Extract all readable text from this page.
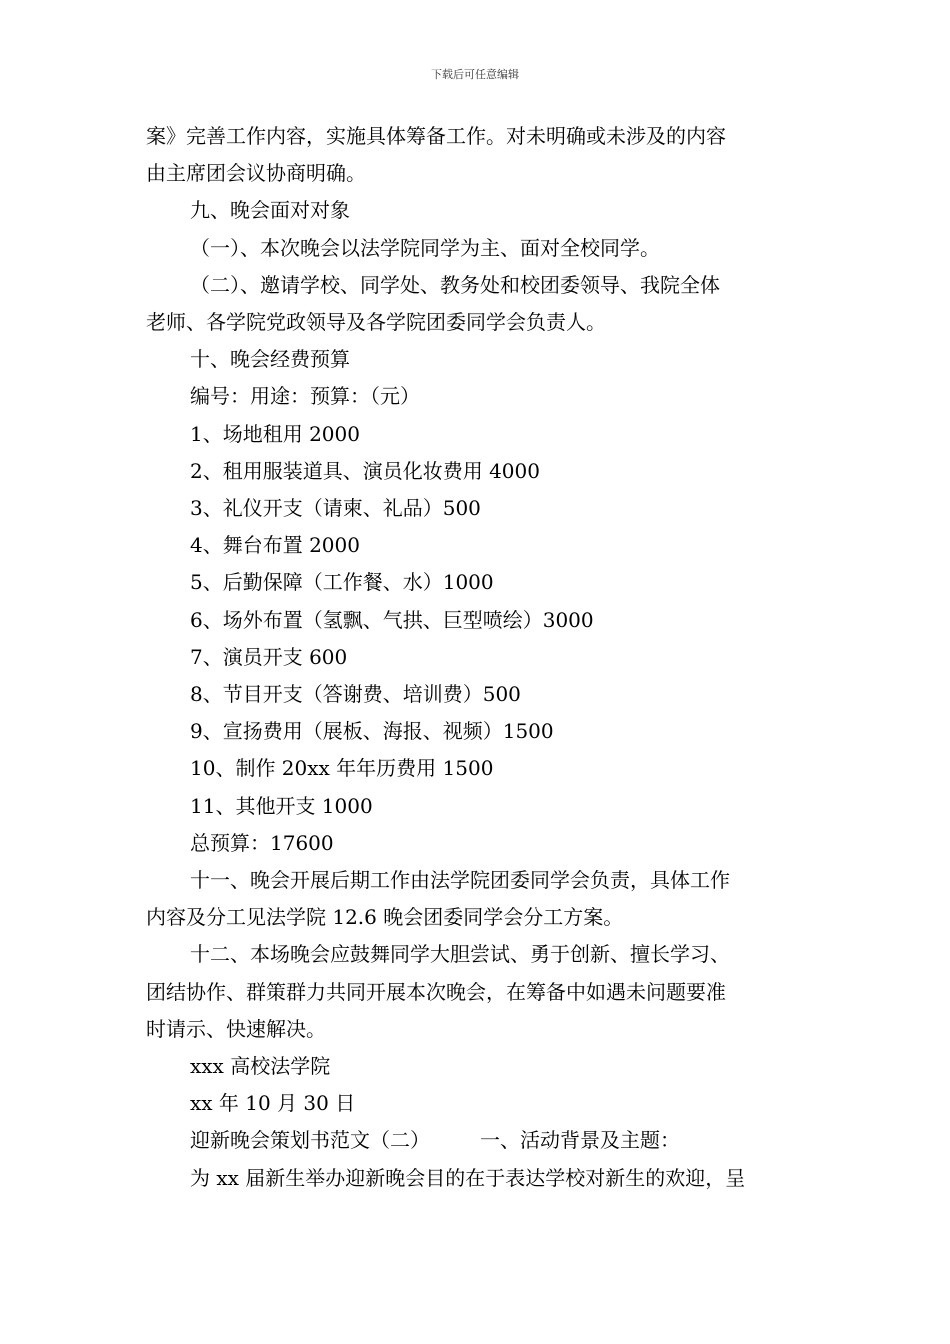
下载后可任意编辑

案》完善工作内容，实施具体筹备工作。对未明确或未涉及的内容

由主席团会议协商明确。

九、晚会面对对象

（一）、本次晚会以法学院同学为主、面对全校同学。

（二）、邀请学校、同学处、教务处和校团委领导、我院全体

老师、各学院党政领导及各学院团委同学会负责人。

十、晚会经费预算

编号：用途：预算：（元）

1、场地租用 2000

2、租用服装道具、演员化妆费用 4000

3、礼仪开支（请柬、礼品）500

4、舞台布置 2000

5、后勤保障（工作餐、水）1000

6、场外布置（氢飘、气拱、巨型喷绘）3000

7、演员开支 600

8、节目开支（答谢费、培训费）500

9、宣扬费用（展板、海报、视频）1500

10、制作 20xx 年年历费用 1500

11、其他开支 1000

总预算：17600

十一、晚会开展后期工作由法学院团委同学会负责，具体工作

内容及分工见法学院 12.6 晚会团委同学会分工方案。

十二、本场晚会应鼓舞同学大胆尝试、勇于创新、擅长学习、

团结协作、群策群力共同开展本次晚会，在筹备中如遇未问题要准

时请示、快速解决。

xxx 高校法学院

xx 年 10 月 30 日

迎新晚会策划书范文（二）	一、活动背景及主题：

为 xx 届新生举办迎新晚会目的在于表达学校对新生的欢迎，呈
